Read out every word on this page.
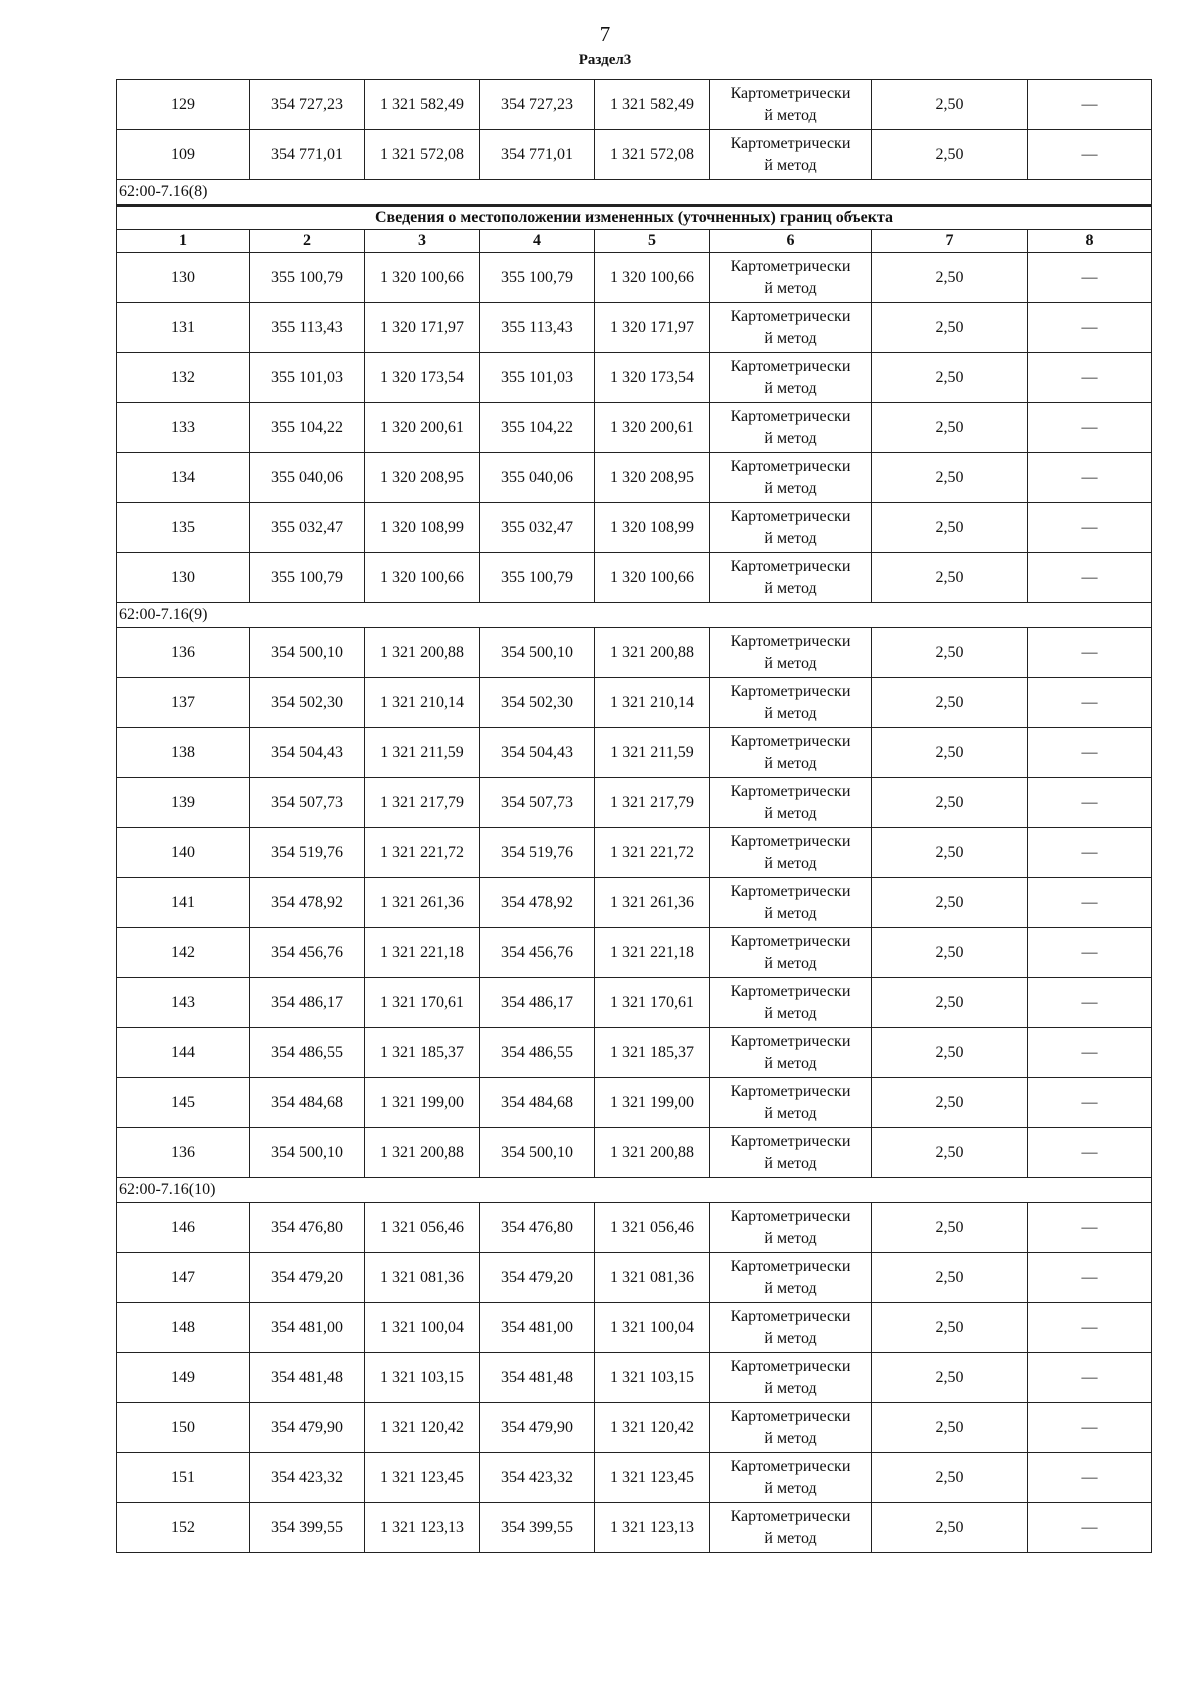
7
Раздел3
129	354 727,23	1 321 582,49	354 727,23	1 321 582,49	Картометрически
й метод	2,50	—
109	354 771,01	1 321 572,08	354 771,01	1 321 572,08	Картометрически
й метод	2,50	—
62:00-7.16(8)							
Сведения о местоположении измененных (уточненных) границ объекта							
1	2	3	4	5	6	7	8
130	355 100,79	1 320 100,66	355 100,79	1 320 100,66	Картометрически
й метод	2,50	—
131	355 113,43	1 320 171,97	355 113,43	1 320 171,97	Картометрически
й метод	2,50	—
132	355 101,03	1 320 173,54	355 101,03	1 320 173,54	Картометрически
й метод	2,50	—
133	355 104,22	1 320 200,61	355 104,22	1 320 200,61	Картометрически
й метод	2,50	—
134	355 040,06	1 320 208,95	355 040,06	1 320 208,95	Картометрически
й метод	2,50	—
135	355 032,47	1 320 108,99	355 032,47	1 320 108,99	Картометрически
й метод	2,50	—
130	355 100,79	1 320 100,66	355 100,79	1 320 100,66	Картометрически
й метод	2,50	—
62:00-7.16(9)							
136	354 500,10	1 321 200,88	354 500,10	1 321 200,88	Картометрически
й метод	2,50	—
137	354 502,30	1 321 210,14	354 502,30	1 321 210,14	Картометрически
й метод	2,50	—
138	354 504,43	1 321 211,59	354 504,43	1 321 211,59	Картометрически
й метод	2,50	—
139	354 507,73	1 321 217,79	354 507,73	1 321 217,79	Картометрически
й метод	2,50	—
140	354 519,76	1 321 221,72	354 519,76	1 321 221,72	Картометрически
й метод	2,50	—
141	354 478,92	1 321 261,36	354 478,92	1 321 261,36	Картометрически
й метод	2,50	—
142	354 456,76	1 321 221,18	354 456,76	1 321 221,18	Картометрически
й метод	2,50	—
143	354 486,17	1 321 170,61	354 486,17	1 321 170,61	Картометрически
й метод	2,50	—
144	354 486,55	1 321 185,37	354 486,55	1 321 185,37	Картометрически
й метод	2,50	—
145	354 484,68	1 321 199,00	354 484,68	1 321 199,00	Картометрически
й метод	2,50	—
136	354 500,10	1 321 200,88	354 500,10	1 321 200,88	Картометрически
й метод	2,50	—
62:00-7.16(10)							
146	354 476,80	1 321 056,46	354 476,80	1 321 056,46	Картометрически
й метод	2,50	—
147	354 479,20	1 321 081,36	354 479,20	1 321 081,36	Картометрически
й метод	2,50	—
148	354 481,00	1 321 100,04	354 481,00	1 321 100,04	Картометрически
й метод	2,50	—
149	354 481,48	1 321 103,15	354 481,48	1 321 103,15	Картометрически
й метод	2,50	—
150	354 479,90	1 321 120,42	354 479,90	1 321 120,42	Картометрически
й метод	2,50	—
151	354 423,32	1 321 123,45	354 423,32	1 321 123,45	Картометрически
й метод	2,50	—
152	354 399,55	1 321 123,13	354 399,55	1 321 123,13	Картометрически
й метод	2,50	—
